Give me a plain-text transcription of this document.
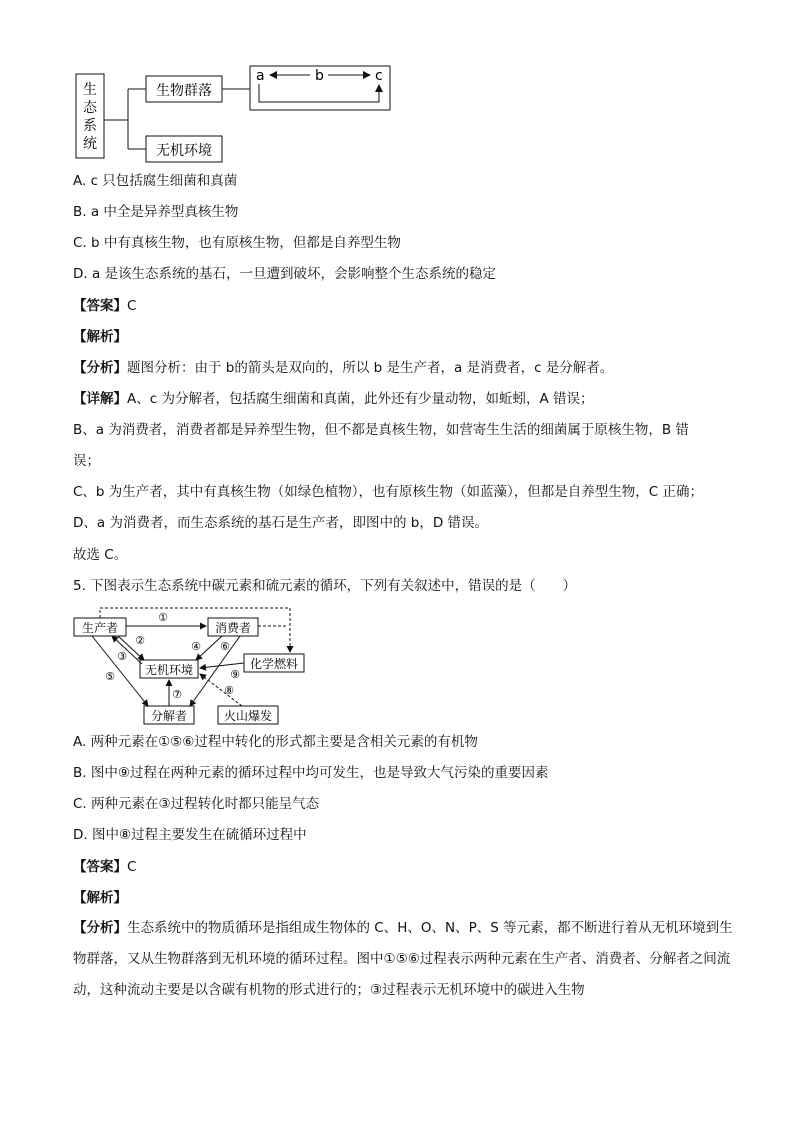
生态系统
生物群落
无机环境
a	b	c
A. c 只包括腐生细菌和真菌
B. a 中全是异养型真核生物
C. b 中有真核生物，也有原核生物，但都是自养型生物
D. a 是该生态系统的基石，一旦遭到破坏，会影响整个生态系统的稳定
【答案】C
【解析】
【分析】题图分析：由于 b的箭头是双向的，所以 b 是生产者，a 是消费者，c 是分解者。
【详解】A、c 为分解者，包括腐生细菌和真菌，此外还有少量动物，如蚯蚓，A 错误；
B、a 为消费者，消费者都是异养型生物，但不都是真核生物，如营寄生生活的细菌属于原核生物，B 错
误；
C、b 为生产者，其中有真核生物（如绿色植物），也有原核生物（如蓝藻），但都是自养型生物，C 正确；
D、a 为消费者，而生态系统的基石是生产者，即图中的 b，D 错误。
故选 C。
5. 下图表示生态系统中碳元素和硫元素的循环，下列有关叙述中，错误的是（　　）
生产者	消费者
无机环境	化学燃料
分解者	火山爆发
①
②
③
⑤
④ ⑥
⑦
⑨
⑧
A. 两种元素在①⑤⑥过程中转化的形式都主要是含相关元素的有机物
B. 图中⑨过程在两种元素的循环过程中均可发生，也是导致大气污染的重要因素
C. 两种元素在③过程转化时都只能呈气态
D. 图中⑧过程主要发生在硫循环过程中
【答案】C
【解析】
【分析】生态系统中的物质循环是指组成生物体的 C、H、O、N、P、S 等元素，都不断进行着从无机环境到生物群落，又从生物群落到无机环境的循环过程。图中①⑤⑥过程表示两种元素在生产者、消费者、分解者之间流动，这种流动主要是以含碳有机物的形式进行的；③过程表示无机环境中的碳进入生物
